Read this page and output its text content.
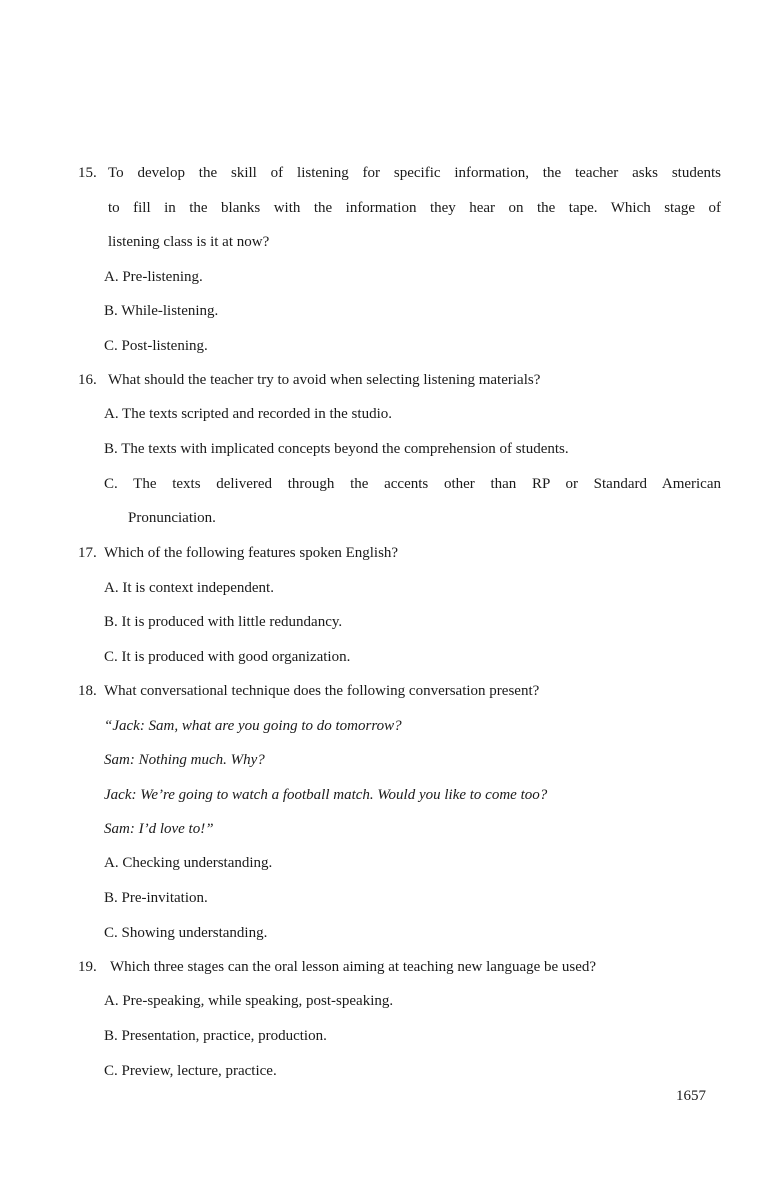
15. To develop the skill of listening for specific information, the teacher asks students
to fill in the blanks with the information they hear on the tape. Which stage of
listening class is it at now?
A. Pre-listening.
B. While-listening.
C. Post-listening.
16. What should the teacher try to avoid when selecting listening materials?
A. The texts scripted and recorded in the studio.
B. The texts with implicated concepts beyond the comprehension of students.
C. The texts delivered through the accents other than RP or Standard American
Pronunciation.
17. Which of the following features spoken English?
A. It is context independent.
B. It is produced with little redundancy.
C. It is produced with good organization.
18. What conversational technique does the following conversation present?
“Jack: Sam, what are you going to do tomorrow?
Sam: Nothing much. Why?
Jack: We’re going to watch a football match. Would you like to come too?
Sam: I’d love to!”
A. Checking understanding.
B. Pre-invitation.
C. Showing understanding.
19. Which three stages can the oral lesson aiming at teaching new language be used?
A. Pre-speaking, while speaking, post-speaking.
B. Presentation, practice, production.
C. Preview, lecture, practice.
1657
